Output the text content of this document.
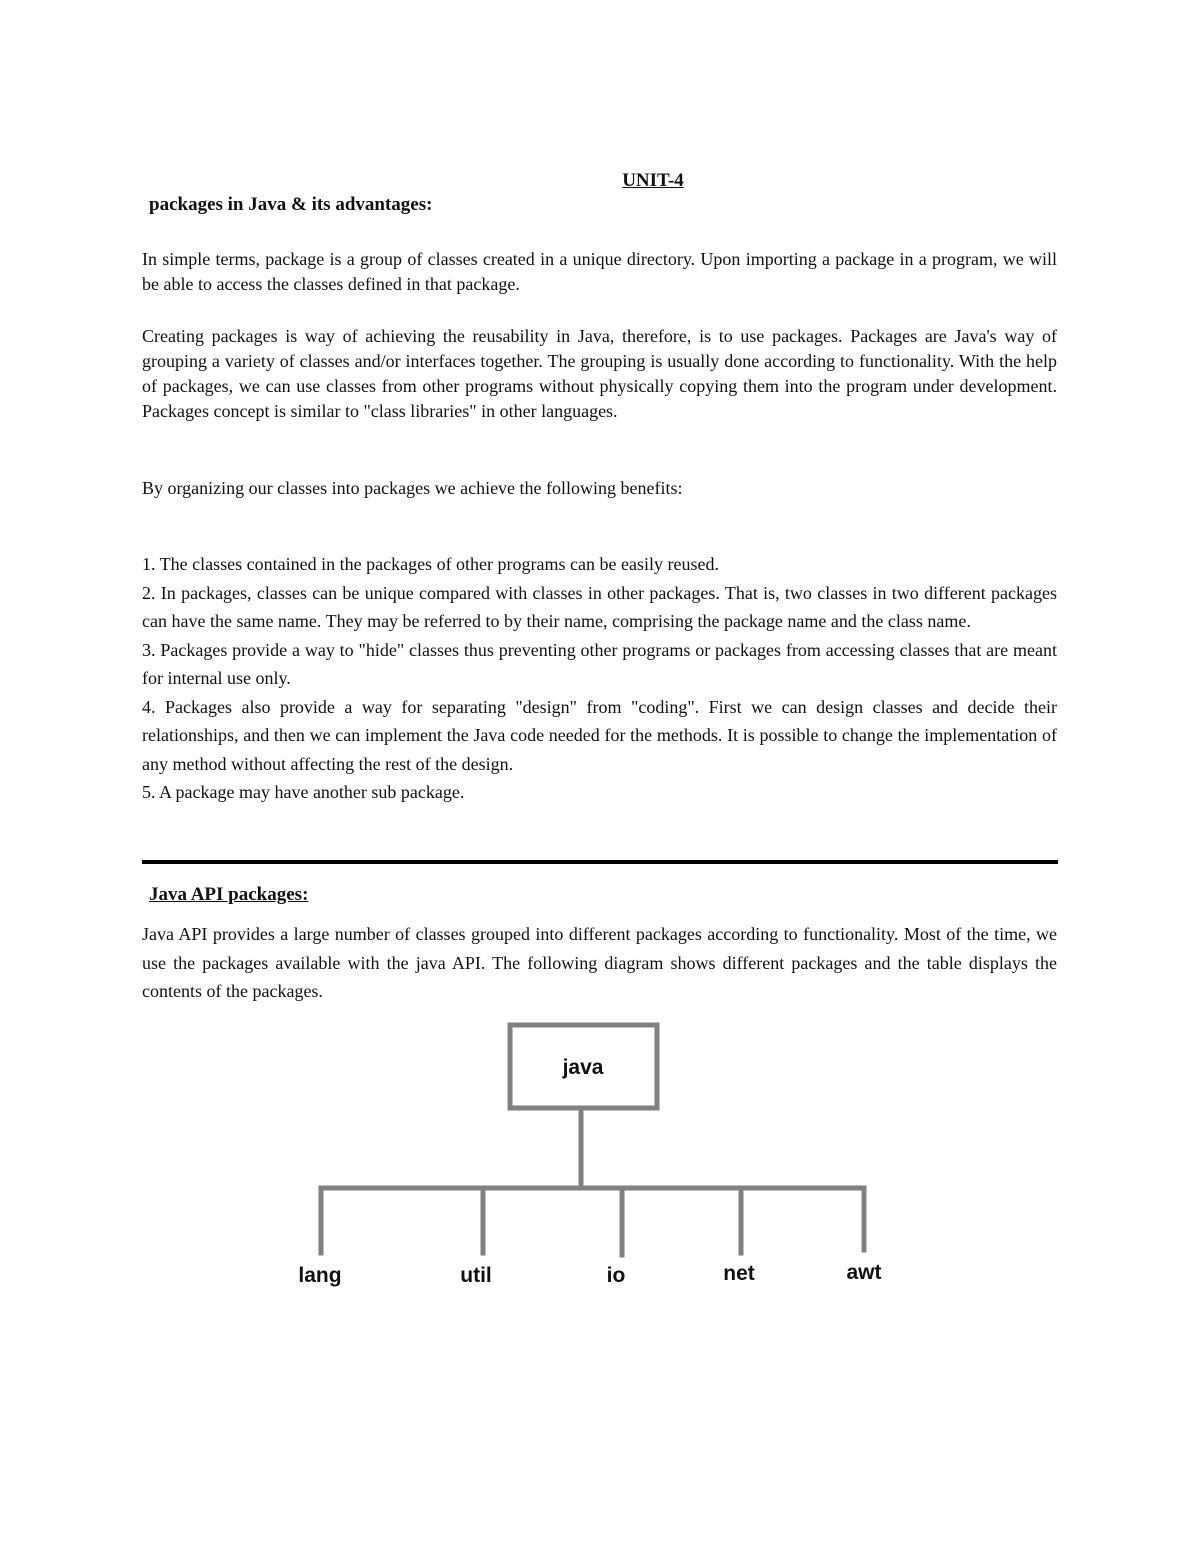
UNIT-4
packages in Java & its advantages:

In simple terms, package is a group of classes created in a unique directory. Upon importing a package in a program, we will be able to access the classes defined in that package.

Creating packages is way of achieving the reusability in Java, therefore, is to use packages. Packages are Java's way of grouping a variety of classes and/or interfaces together. The grouping is usually done according to functionality. With the help of packages, we can use classes from other programs without physically copying them into the program under development. Packages concept is similar to "class libraries" in other languages.

By organizing our classes into packages we achieve the following benefits:

1. The classes contained in the packages of other programs can be easily reused.
2. In packages, classes can be unique compared with classes in other packages. That is, two classes in two different packages can have the same name. They may be referred to by their name, comprising the package name and the class name.
3. Packages provide a way to "hide" classes thus preventing other programs or packages from accessing classes that are meant for internal use only.
4. Packages also provide a way for separating "design" from "coding". First we can design classes and decide their relationships, and then we can implement the Java code needed for the methods. It is possible to change the implementation of any method without affecting the rest of the design.
5. A package may have another sub package.
Java API packages:

Java API provides a large number of classes grouped into different packages according to functionality. Most of the time, we use the packages available with the java API. The following diagram shows different packages and the table displays the contents of the packages.

java
lang	util	io	net	awt
